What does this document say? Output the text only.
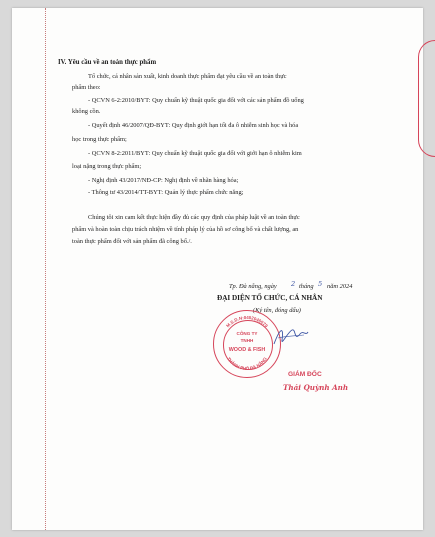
IV. Yêu cầu về an toàn thực phẩm
Tổ chức, cá nhân sản xuất, kinh doanh thực phẩm đạt yêu cầu về an toàn thực
phẩm theo:
- QCVN 6-2:2010/BYT: Quy chuẩn kỹ thuật quốc gia đối với các sản phẩm đồ uống
không cồn.
- Quyết định 46/2007/QĐ-BYT: Quy định giới hạn tối đa ô nhiễm sinh học và hóa
học trong thực phẩm;
- QCVN 8-2:2011/BYT: Quy chuẩn kỹ thuật quốc gia đối với giới hạn ô nhiễm kim
loại nặng trong thực phẩm;
- Nghị định 43/2017/NĐ-CP: Nghị định về nhãn hàng hóa;
- Thông tư 43/2014/TT-BYT: Quản lý thực phẩm chức năng;
Chúng tôi xin cam kết thực hiện đầy đủ các quy định của pháp luật về an toàn thực
phẩm và hoàn toàn chịu trách nhiệm về tính pháp lý của hồ sơ công bố và chất lượng, an
toàn thực phẩm đối với sản phẩm đã công bố./.
Tp. Đà nẵng, ngày 2 tháng 5 năm 2024
ĐẠI DIỆN TỔ CHỨC, CÁ NHÂN
(Ký tên, đóng dấu)
M.S.D.N:0402040079
THÀNH PHỐ ĐÀ NẴNG
CÔNG TY
TNHH
WOOD & FISH
GIÁM ĐỐC
Thái Quỳnh Anh
